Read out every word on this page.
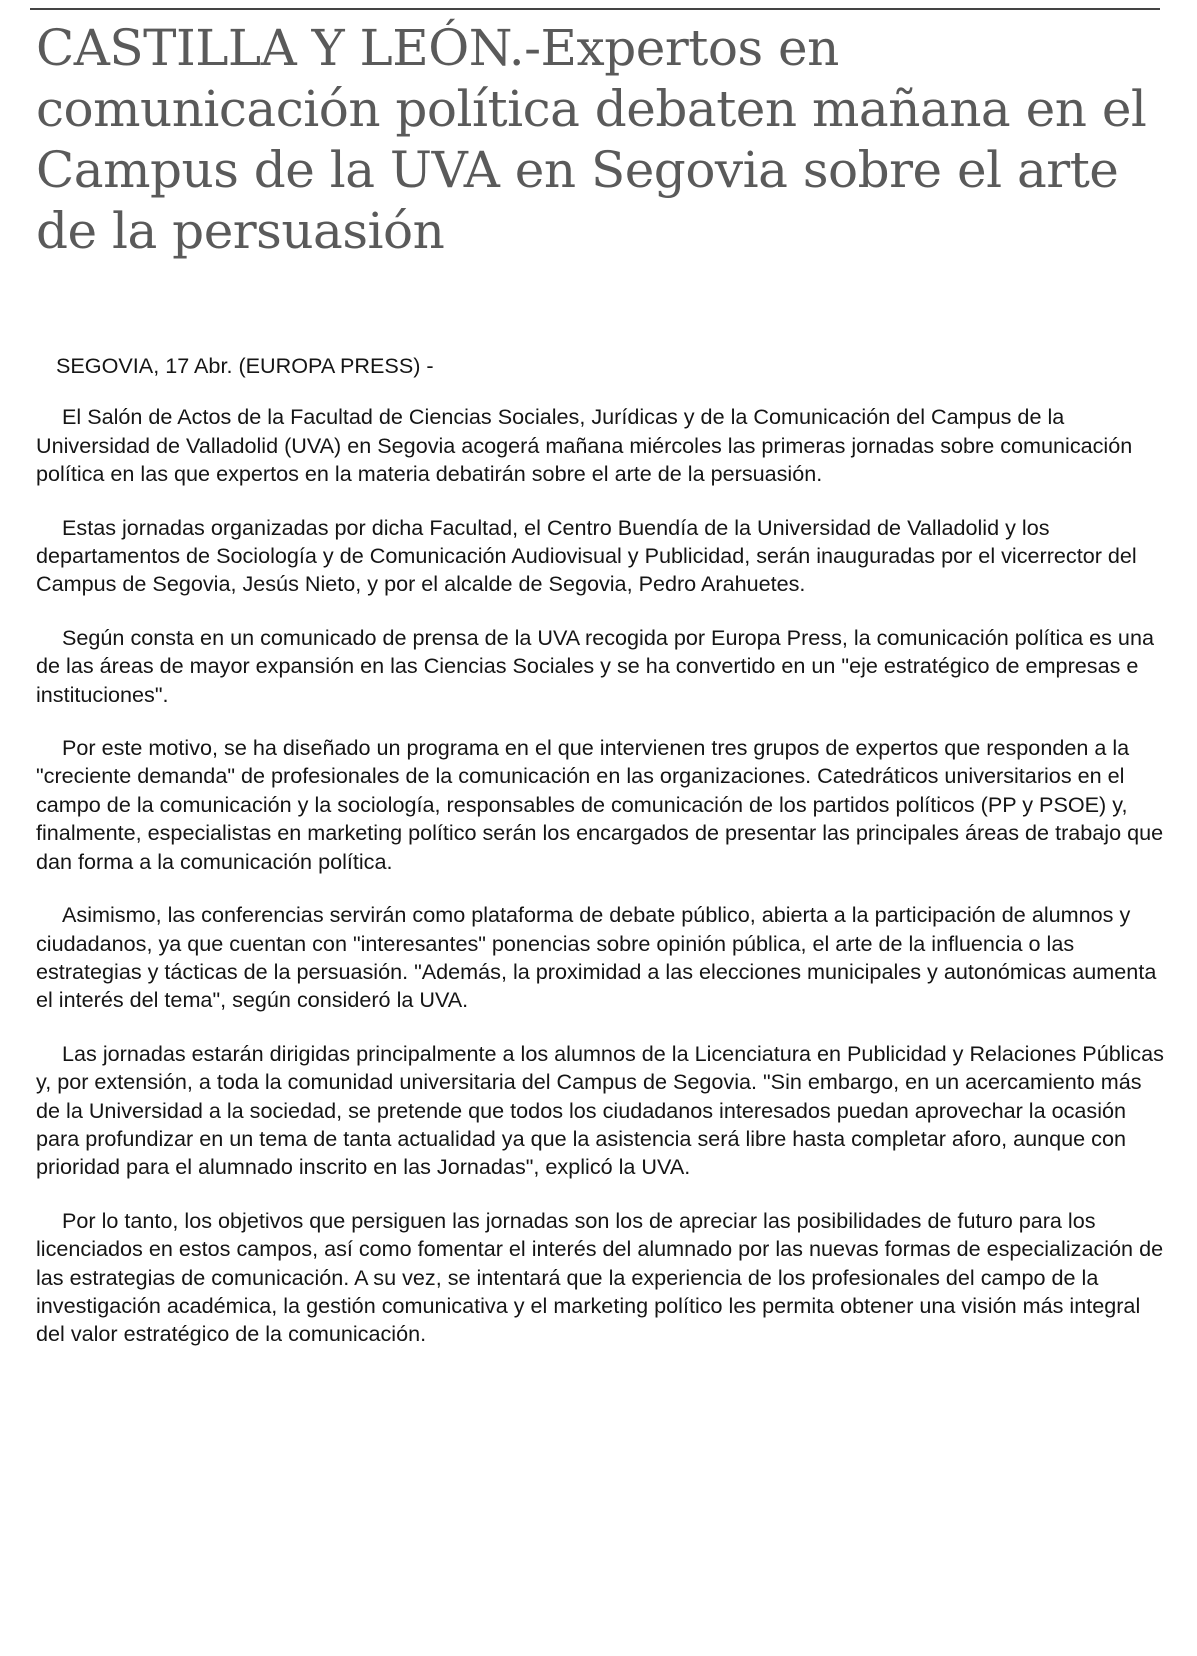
CASTILLA Y LEÓN.-Expertos en comunicación política debaten mañana en el Campus de la UVA en Segovia sobre el arte de la persuasión

SEGOVIA, 17 Abr. (EUROPA PRESS) -

El Salón de Actos de la Facultad de Ciencias Sociales, Jurídicas y de la Comunicación del Campus de la Universidad de Valladolid (UVA) en Segovia acogerá mañana miércoles las primeras jornadas sobre comunicación política en las que expertos en la materia debatirán sobre el arte de la persuasión.

Estas jornadas organizadas por dicha Facultad, el Centro Buendía de la Universidad de Valladolid y los departamentos de Sociología y de Comunicación Audiovisual y Publicidad, serán inauguradas por el vicerrector del Campus de Segovia, Jesús Nieto, y por el alcalde de Segovia, Pedro Arahuetes.

Según consta en un comunicado de prensa de la UVA recogida por Europa Press, la comunicación política es una de las áreas de mayor expansión en las Ciencias Sociales y se ha convertido en un "eje estratégico de empresas e instituciones".

Por este motivo, se ha diseñado un programa en el que intervienen tres grupos de expertos que responden a la "creciente demanda" de profesionales de la comunicación en las organizaciones. Catedráticos universitarios en el campo de la comunicación y la sociología, responsables de comunicación de los partidos políticos (PP y PSOE) y, finalmente, especialistas en marketing político serán los encargados de presentar las principales áreas de trabajo que dan forma a la comunicación política.

Asimismo, las conferencias servirán como plataforma de debate público, abierta a la participación de alumnos y ciudadanos, ya que cuentan con "interesantes" ponencias sobre opinión pública, el arte de la influencia o las estrategias y tácticas de la persuasión. "Además, la proximidad a las elecciones municipales y autonómicas aumenta el interés del tema", según consideró la UVA.

Las jornadas estarán dirigidas principalmente a los alumnos de la Licenciatura en Publicidad y Relaciones Públicas y, por extensión, a toda la comunidad universitaria del Campus de Segovia. "Sin embargo, en un acercamiento más de la Universidad a la sociedad, se pretende que todos los ciudadanos interesados puedan aprovechar la ocasión para profundizar en un tema de tanta actualidad ya que la asistencia será libre hasta completar aforo, aunque con prioridad para el alumnado inscrito en las Jornadas", explicó la UVA.

Por lo tanto, los objetivos que persiguen las jornadas son los de apreciar las posibilidades de futuro para los licenciados en estos campos, así como fomentar el interés del alumnado por las nuevas formas de especialización de las estrategias de comunicación. A su vez, se intentará que la experiencia de los profesionales del campo de la investigación académica, la gestión comunicativa y el marketing político les permita obtener una visión más integral del valor estratégico de la comunicación.
